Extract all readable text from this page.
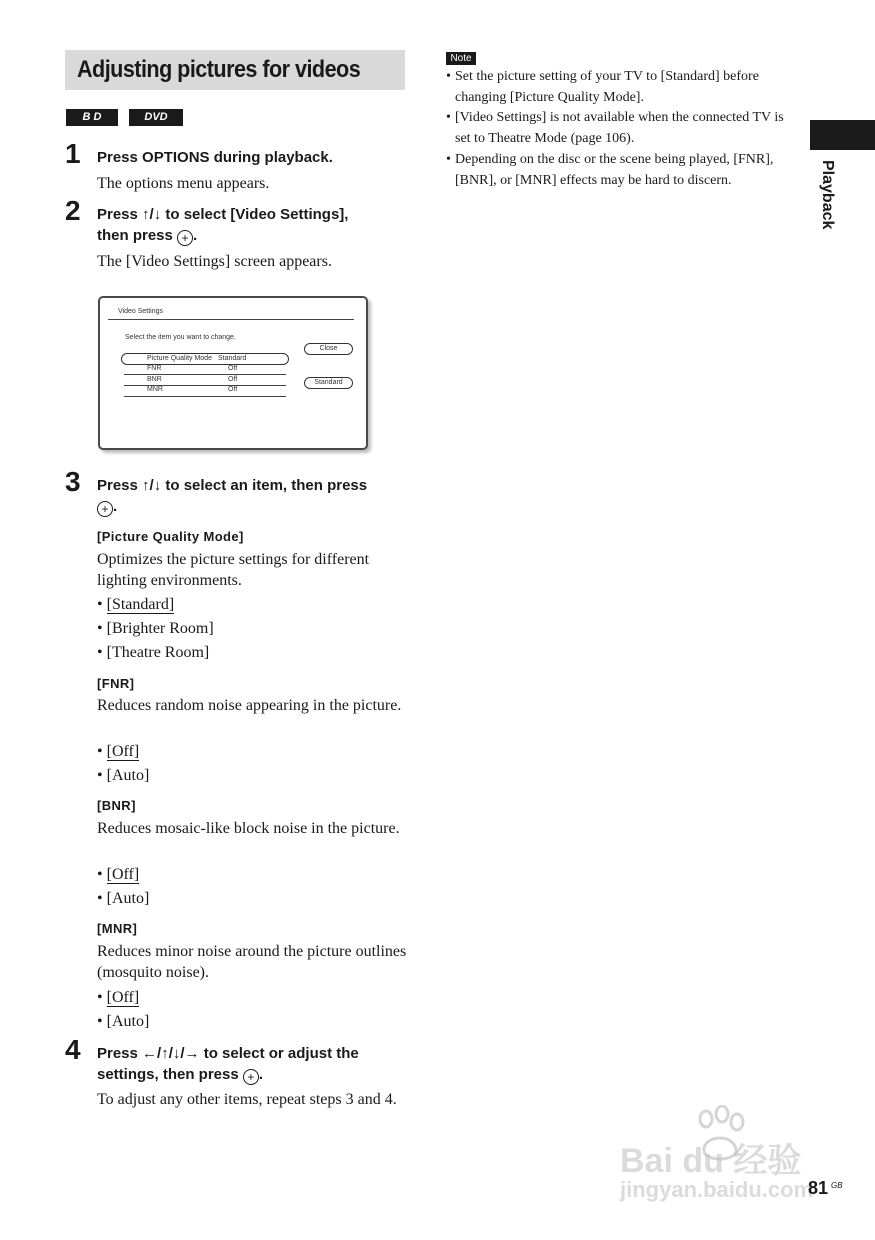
Adjusting pictures for videos
B D	DVD
1 Press OPTIONS during playback.
The options menu appears.
2 Press ↑/↓ to select [Video Settings],
then press + .
The [Video Settings] screen appears.
Video Settings
Select the item you want to change.
Close
Standard
Picture Quality Mode Standard
FNR	Off
BNR	Off
MNR	Off
3 Press ↑/↓ to select an item, then press
+ .
[Picture Quality Mode]
Optimizes the picture settings for different lighting environments.
• [Standard]
• [Brighter Room]
• [Theatre Room]
[FNR]
Reduces random noise appearing in the picture.
• [Off]
• [Auto]
[BNR]
Reduces mosaic-like block noise in the picture.
• [Off]
• [Auto]
[MNR]
Reduces minor noise around the picture outlines (mosquito noise).
• [Off]
• [Auto]
4 Press ←/↑/↓/→ to select or adjust the
settings, then press + .
To adjust any other items, repeat steps 3 and 4.
Note
• Set the picture setting of your TV to [Standard] before changing [Picture Quality Mode].
• [Video Settings] is not available when the connected TV is set to Theatre Mode (page 106).
• Depending on the disc or the scene being played, [FNR], [BNR], or [MNR] effects may be hard to discern.	Playback
Bai du 经验
jingyan.baidu.com
81 GB
